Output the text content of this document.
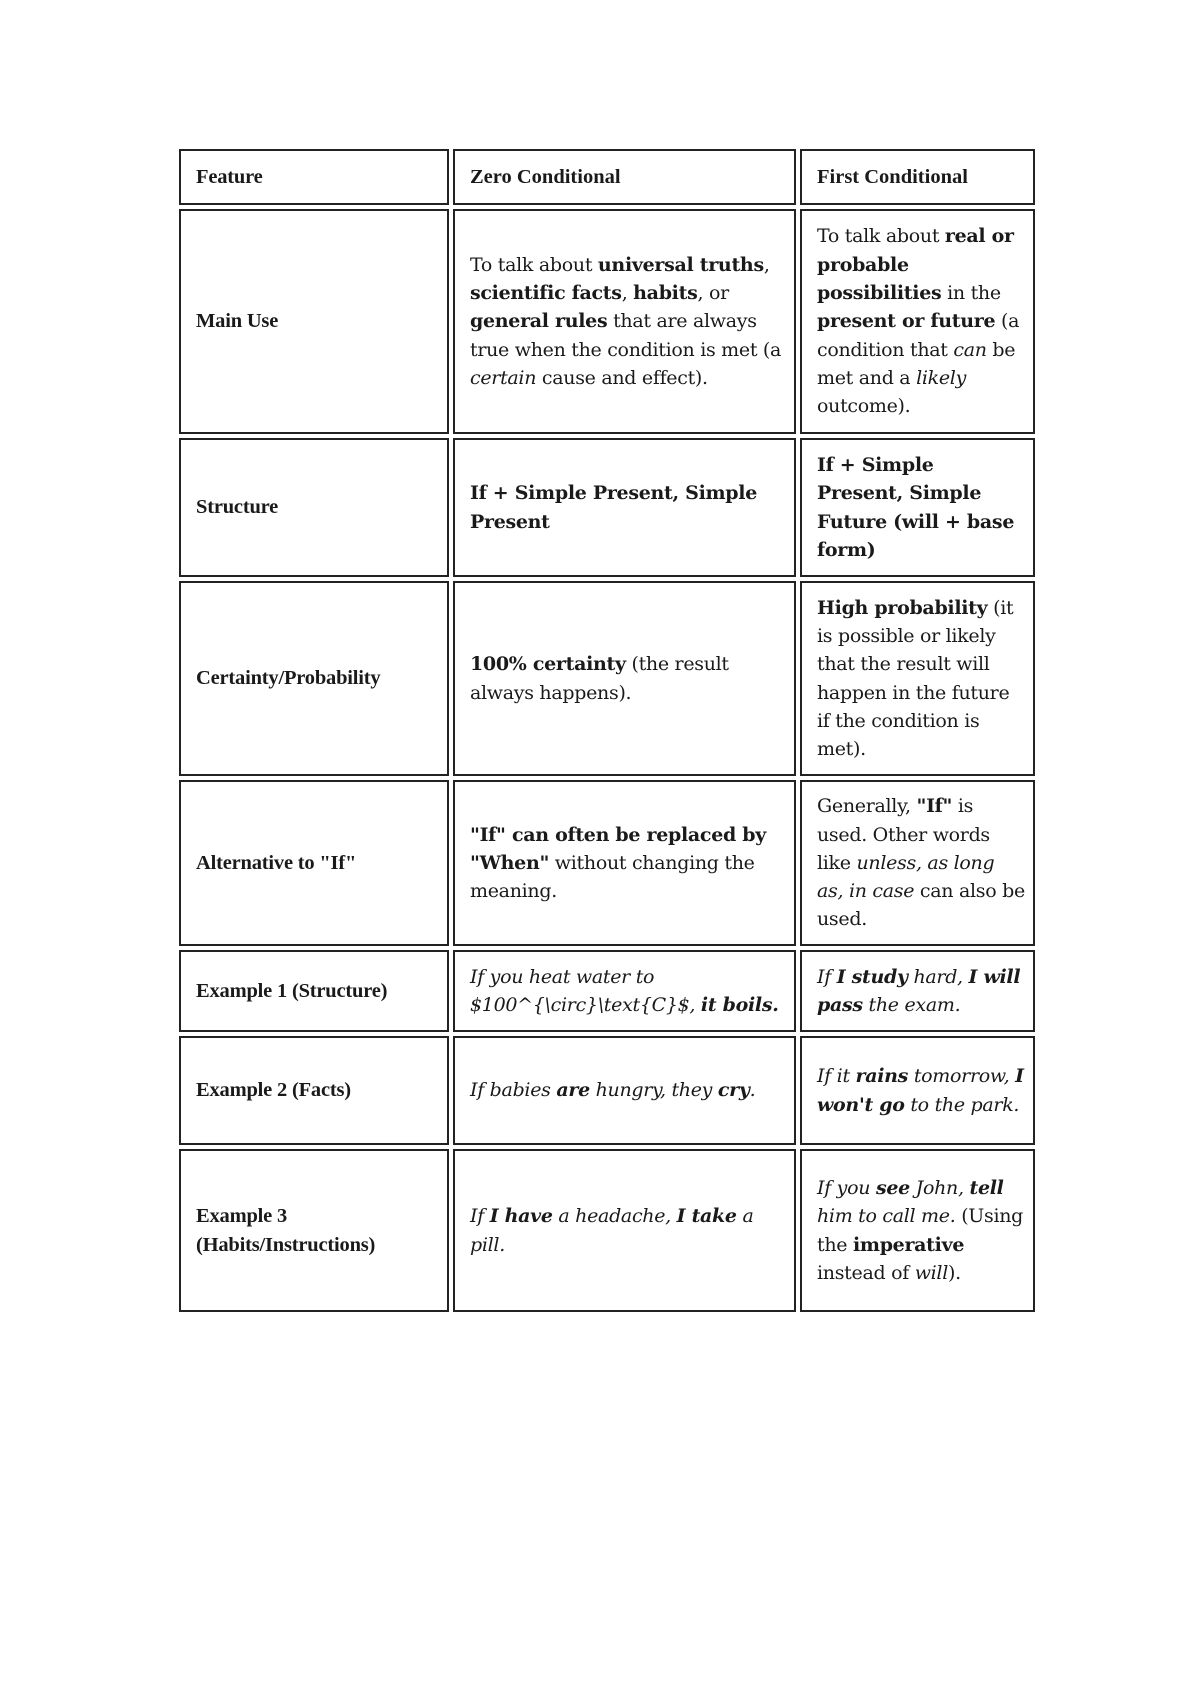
Feature	Zero Conditional	First Conditional
Main Use	To talk about universal truths, scientific facts, habits, or general rules that are always true when the condition is met (a certain cause and effect).	To talk about real or probable possibilities in the present or future (a condition that can be met and a likely outcome).
Structure	If + Simple Present, Simple Present	If + Simple Present, Simple Future (will + base form)
Certainty/Probability	100% certainty (the result always happens).	High probability (it is possible or likely that the result will happen in the future if the condition is met).
Alternative to "If"	"If" can often be replaced by "When" without changing the meaning.	Generally, "If" is used. Other words like unless, as long as, in case can also be used.
Example 1 (Structure)	If you heat water to $100^{\circ}\text{C}$, it boils.	If I study hard, I will pass the exam.
Example 2 (Facts)	If babies are hungry, they cry.	If it rains tomorrow, I won't go to the park.
Example 3 (Habits/Instructions)	If I have a headache, I take a pill.	If you see John, tell him to call me. (Using the imperative instead of will).
